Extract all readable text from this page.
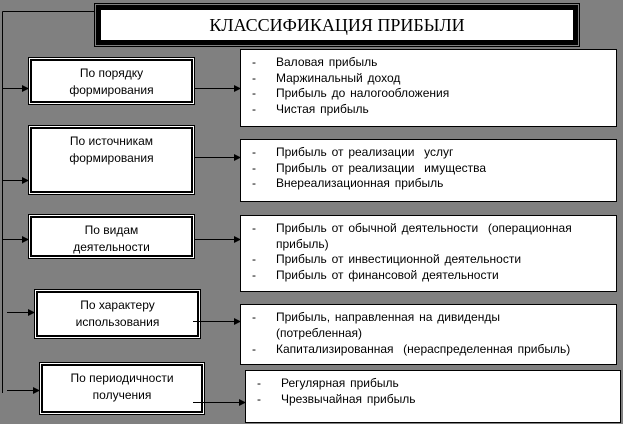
КЛАССИФИКАЦИЯ ПРИБЫЛИ
По порядку
формирования
- Валовая прибыль
- Маржинальный доход
- Прибыль до налогообложения
- Чистая прибыль
По источникам
формирования	- Прибыль от реализации  услуг
- Прибыль от реализации  имущества
- Внереализационная прибыль
По видам
деятельности
- Прибыль от обычной деятельности  (операционная
прибыль)
- Прибыль от инвестиционной деятельности
- Прибыль от финансовой деятельности
По характеру
использования	- Прибыль, направленная на дивиденды
(потребленная)
- Капитализированная  (нераспределенная прибыль)
По периодичности
получения
- Регулярная прибыль
- Чрезвычайная прибыль
